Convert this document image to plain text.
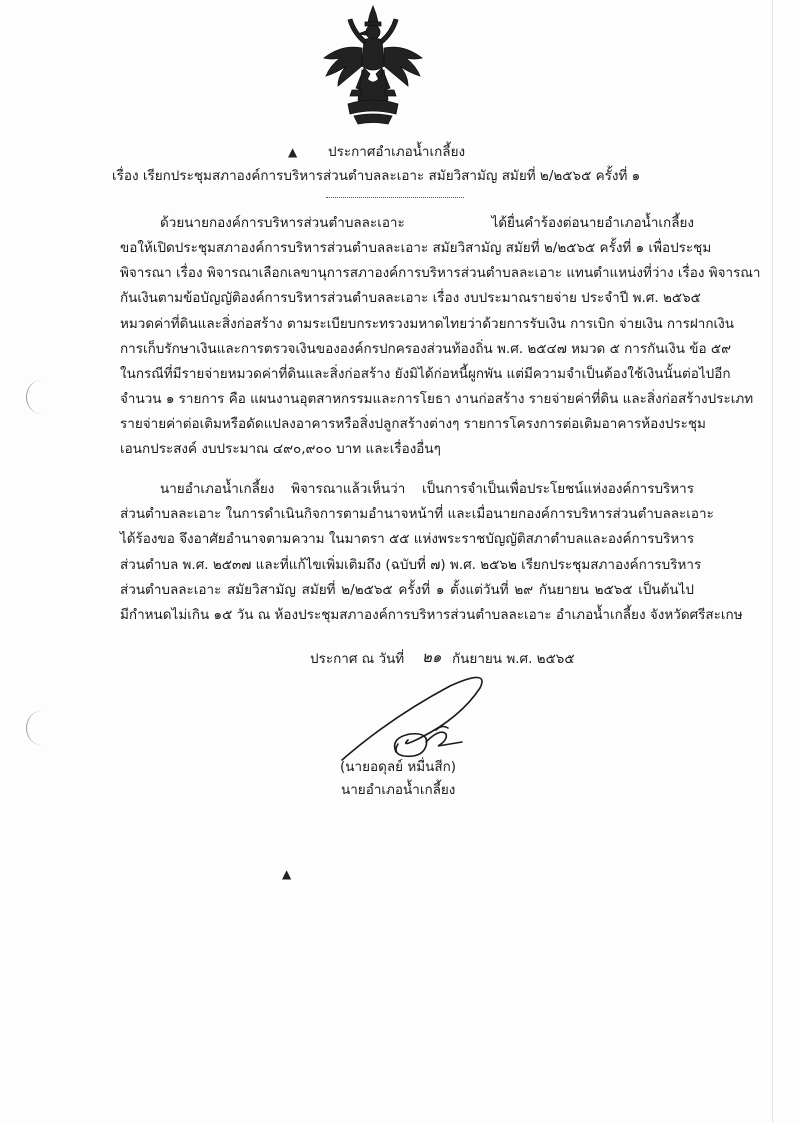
▲
▲
ประกาศอำเภอน้ำเกลี้ยง
เรื่อง เรียกประชุมสภาองค์การบริหารส่วนตำบลละเอาะ สมัยวิสามัญ สมัยที่ ๒/๒๕๖๕ ครั้งที่ ๑
ด้วยนายกองค์การบริหารส่วนตำบลละเอาะ ได้ยื่นคำร้องต่อนายอำเภอน้ำเกลี้ยง
ขอให้เปิดประชุมสภาองค์การบริหารส่วนตำบลละเอาะ สมัยวิสามัญ สมัยที่ ๒/๒๕๖๕ ครั้งที่ ๑ เพื่อประชุม
พิจารณา เรื่อง พิจารณาเลือกเลขานุการสภาองค์การบริหารส่วนตำบลละเอาะ แทนตำแหน่งที่ว่าง เรื่อง พิจารณา
กันเงินตามข้อบัญญัติองค์การบริหารส่วนตำบลละเอาะ เรื่อง งบประมาณรายจ่าย ประจำปี พ.ศ. ๒๕๖๕
หมวดค่าที่ดินและสิ่งก่อสร้าง ตามระเบียบกระทรวงมหาดไทยว่าด้วยการรับเงิน การเบิก จ่ายเงิน การฝากเงิน
การเก็บรักษาเงินและการตรวจเงินขององค์กรปกครองส่วนท้องถิ่น พ.ศ. ๒๕๔๗ หมวด ๕ การกันเงิน ข้อ ๕๙
ในกรณีที่มีรายจ่ายหมวดค่าที่ดินและสิ่งก่อสร้าง ยังมิได้ก่อหนี้ผูกพัน แต่มีความจำเป็นต้องใช้เงินนั้นต่อไปอีก
จำนวน ๑ รายการ คือ แผนงานอุตสาหกรรมและการโยธา งานก่อสร้าง รายจ่ายค่าที่ดิน และสิ่งก่อสร้างประเภท
รายจ่ายค่าต่อเติมหรือดัดแปลงอาคารหรือสิ่งปลูกสร้างต่างๆ รายการโครงการต่อเติมอาคารห้องประชุม
เอนกประสงค์ งบประมาณ ๔๙๐,๙๐๐ บาท และเรื่องอื่นๆ
นายอำเภอน้ำเกลี้ยง พิจารณาแล้วเห็นว่า เป็นการจำเป็นเพื่อประโยชน์แห่งองค์การบริหาร
ส่วนตำบลละเอาะ ในการดำเนินกิจการตามอำนาจหน้าที่ และเมื่อนายกองค์การบริหารส่วนตำบลละเอาะ
ได้ร้องขอ จึงอาศัยอำนาจตามความ ในมาตรา ๕๕ แห่งพระราชบัญญัติสภาตำบลและองค์การบริหาร
ส่วนตำบล พ.ศ. ๒๕๓๗ และที่แก้ไขเพิ่มเติมถึง (ฉบับที่ ๗) พ.ศ. ๒๕๖๒ เรียกประชุมสภาองค์การบริหาร
ส่วนตำบลละเอาะ สมัยวิสามัญ สมัยที่ ๒/๒๕๖๕ ครั้งที่ ๑ ตั้งแต่วันที่ ๒๙ กันยายน ๒๕๖๕ เป็นต้นไป
มีกำหนดไม่เกิน ๑๕ วัน ณ ห้องประชุมสภาองค์การบริหารส่วนตำบลละเอาะ อำเภอน้ำเกลี้ยง จังหวัดศรีสะเกษ
ประกาศ ณ วันที่ ๒๑ กันยายน พ.ศ. ๒๕๖๕
(นายอดุลย์ หมื่นสีก)
นายอำเภอน้ำเกลี้ยง
